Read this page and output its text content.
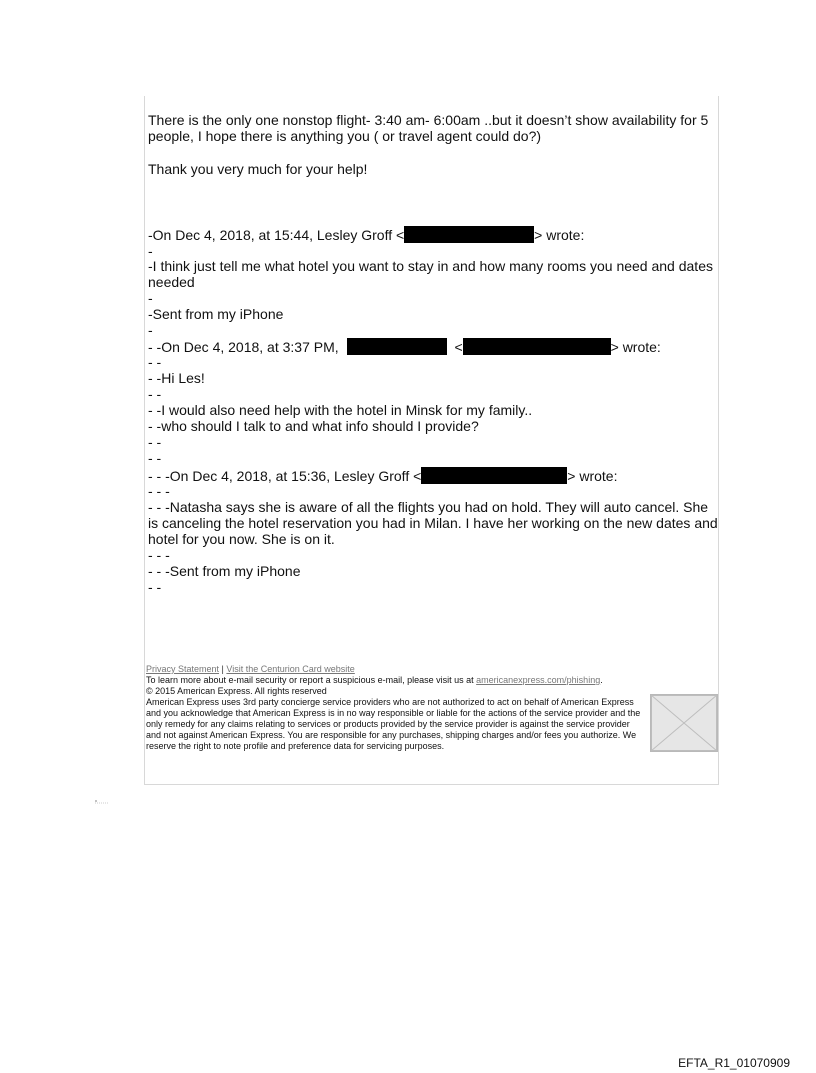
There is the only one nonstop flight- 3:40 am- 6:00am ..but it doesn’t show availability for 5
people, I hope there is anything you ( or travel agent could do?)
Thank you very much for your help!
-On Dec 4, 2018, at 15:44, Lesley Groff <	> wrote:
-
-I think just tell me what hotel you want to stay in and how many rooms you need and dates
needed
-
-Sent from my iPhone
-
- -On Dec 4, 2018, at 3:37 PM,	<	> wrote:
- -
- -Hi Les!
- -
- -I would also need help with the hotel in Minsk for my family..
- -who should I talk to and what info should I provide?
- -
- -
- - -On Dec 4, 2018, at 15:36, Lesley Groff <	> wrote:
- - -
- - -Natasha says she is aware of all the flights you had on hold. They will auto cancel. She
is canceling the hotel reservation you had in Milan. I have her working on the new dates and
hotel for you now. She is on it.
- - -
- - -Sent from my iPhone
- -

Privacy Statement | Visit the Centurion Card website

To learn more about e-mail security or report a suspicious e-mail, please visit us at americanexpress.com/phishing.

© 2015 American Express. All rights reserved

American Express uses 3rd party concierge service providers who are not authorized to act on behalf of American Express and you acknowledge that American Express is in no way responsible or liable for the actions of the service provider and the only remedy for any claims relating to services or products provided by the service provider is against the service provider and not against American Express. You are responsible for any purchases, shipping charges and/or fees you authorize. We reserve the right to note profile and preference data for servicing purposes.

EFTA_R1_01070909
